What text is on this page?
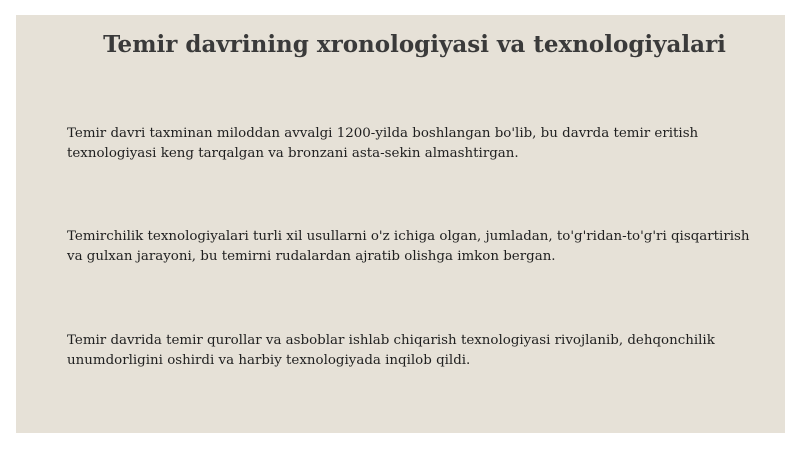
Temir davrining xronologiyasi va texnologiyalari

Temir davri taxminan miloddan avvalgi 1200-yilda boshlangan bo'lib, bu davrda temir eritish texnologiyasi keng tarqalgan va bronzani asta-sekin almashtirgan.

Temirchilik texnologiyalari turli xil usullarni o'z ichiga olgan, jumladan, to'g'ridan-to'g'ri qisqartirish va gulxan jarayoni, bu temirni rudalardan ajratib olishga imkon bergan.

Temir davrida temir qurollar va asboblar ishlab chiqarish texnologiyasi rivojlanib, dehqonchilik unumdorligini oshirdi va harbiy texnologiyada inqilob qildi.
